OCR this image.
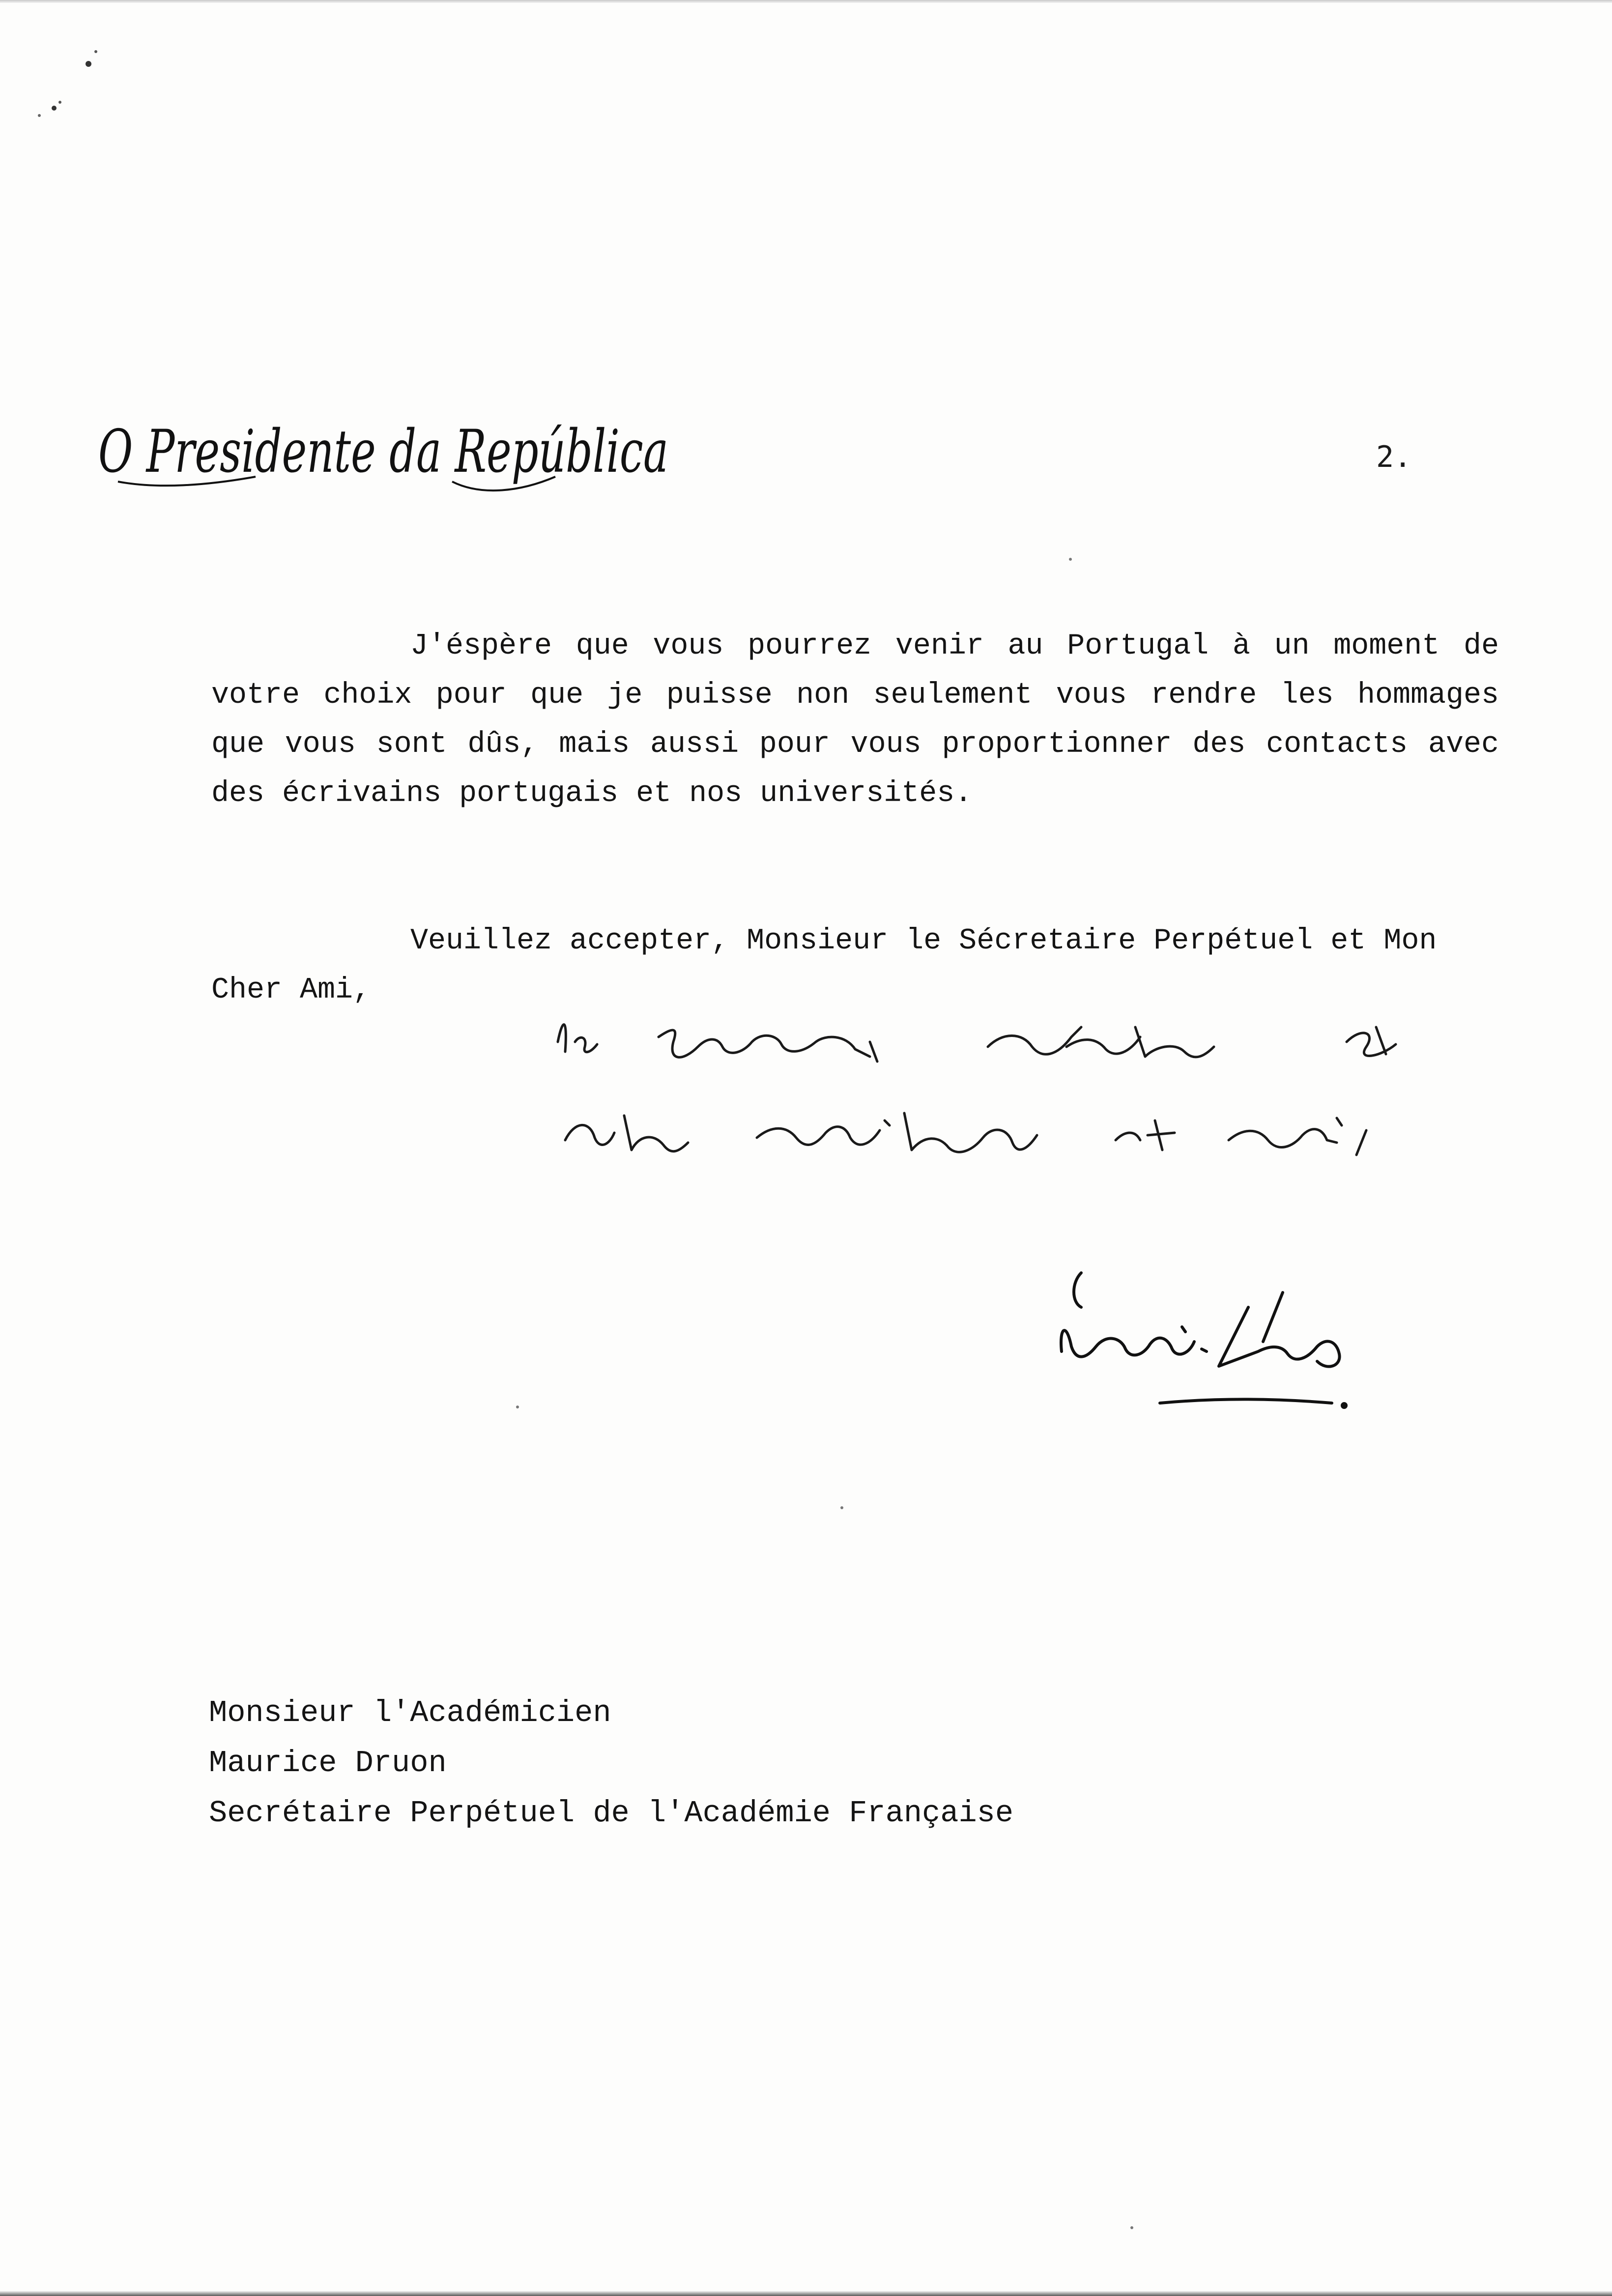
O Presidente da República	2.

J'éspère que vous pourrez venir au Portugal à un moment de votre choix pour que je puisse non seulement vous rendre les hommages que vous sont dûs, mais aussi pour vous proportionner des contacts avec des écrivains portugais et nos universités.

Veuillez accepter, Monsieur le Sécretaire Perpétuel et Mon Cher Ami,

Monsieur l'Académicien
Maurice Druon
Secrétaire Perpétuel de l'Académie Française
